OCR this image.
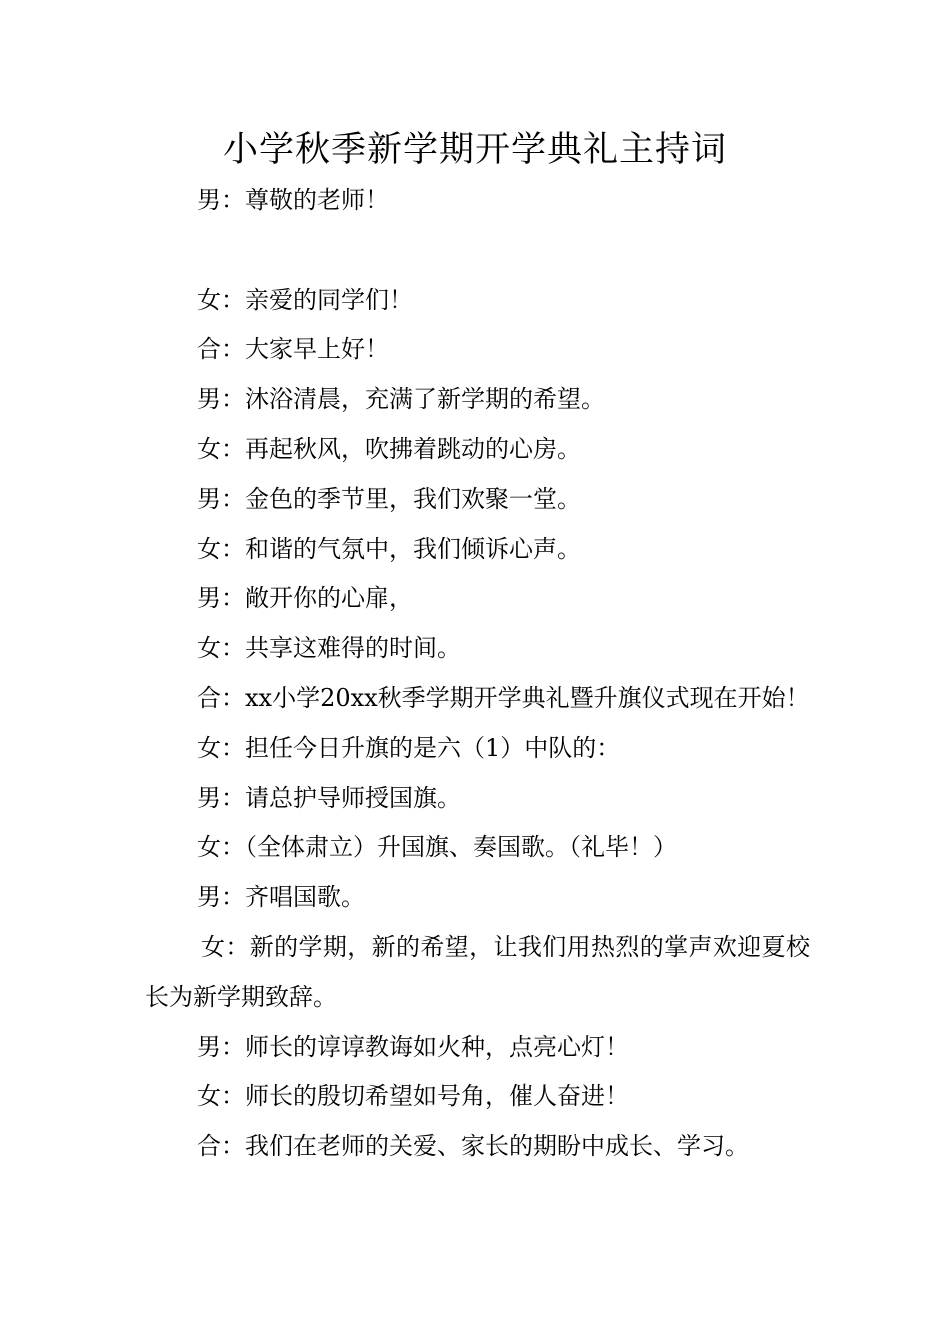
小学秋季新学期开学典礼主持词

男：尊敬的老师！

女：亲爱的同学们！

合：大家早上好！

男：沐浴清晨，充满了新学期的希望。

女：再起秋风，吹拂着跳动的心房。

男：金色的季节里，我们欢聚一堂。

女：和谐的气氛中，我们倾诉心声。

男：敞开你的心扉，

女：共享这难得的时间。

合：xx小学20xx秋季学期开学典礼暨升旗仪式现在开始！

女：担任今日升旗的是六（1）中队的：

男：请总护导师授国旗。

女：（全体肃立）升国旗、奏国歌。（礼毕！）

男：齐唱国歌。

女：新的学期，新的希望，让我们用热烈的掌声欢迎夏校长为新学期致辞。

男：师长的谆谆教诲如火种，点亮心灯！

女：师长的殷切希望如号角，催人奋进！

合：我们在老师的关爱、家长的期盼中成长、学习。
